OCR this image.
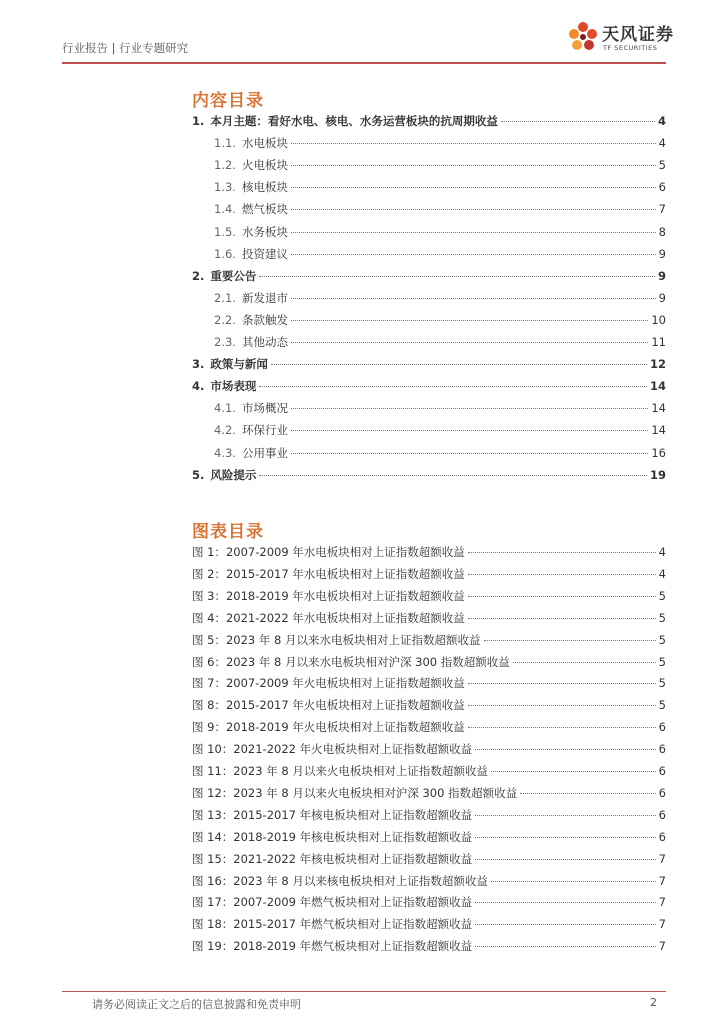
行业报告 | 行业专题研究
天风证券
TF SECURITIES
内容目录
1. 本月主题：看好水电、核电、水务运营板块的抗周期收益	4
1.1. 水电板块	4
1.2. 火电板块	5
1.3. 核电板块	6
1.4. 燃气板块	7
1.5. 水务板块	8
1.6. 投资建议	9
2. 重要公告	9
2.1. 新发退市	9
2.2. 条款触发	10
2.3. 其他动态	11
3. 政策与新闻	12
4. 市场表现	14
4.1. 市场概况	14
4.2. 环保行业	14
4.3. 公用事业	16
5. 风险提示	19
图表目录
图 1：2007-2009 年水电板块相对上证指数超额收益	4
图 2：2015-2017 年水电板块相对上证指数超额收益	4
图 3：2018-2019 年水电板块相对上证指数超额收益	5
图 4：2021-2022 年水电板块相对上证指数超额收益	5
图 5：2023 年 8 月以来水电板块相对上证指数超额收益	5
图 6：2023 年 8 月以来水电板块相对沪深 300 指数超额收益	5
图 7：2007-2009 年火电板块相对上证指数超额收益	5
图 8：2015-2017 年火电板块相对上证指数超额收益	5
图 9：2018-2019 年火电板块相对上证指数超额收益	6
图 10：2021-2022 年火电板块相对上证指数超额收益	6
图 11：2023 年 8 月以来火电板块相对上证指数超额收益	6
图 12：2023 年 8 月以来火电板块相对沪深 300 指数超额收益	6
图 13：2015-2017 年核电板块相对上证指数超额收益	6
图 14：2018-2019 年核电板块相对上证指数超额收益	6
图 15：2021-2022 年核电板块相对上证指数超额收益	7
图 16：2023 年 8 月以来核电板块相对上证指数超额收益	7
图 17：2007-2009 年燃气板块相对上证指数超额收益	7
图 18：2015-2017 年燃气板块相对上证指数超额收益	7
图 19：2018-2019 年燃气板块相对上证指数超额收益	7
请务必阅读正文之后的信息披露和免责申明	2
